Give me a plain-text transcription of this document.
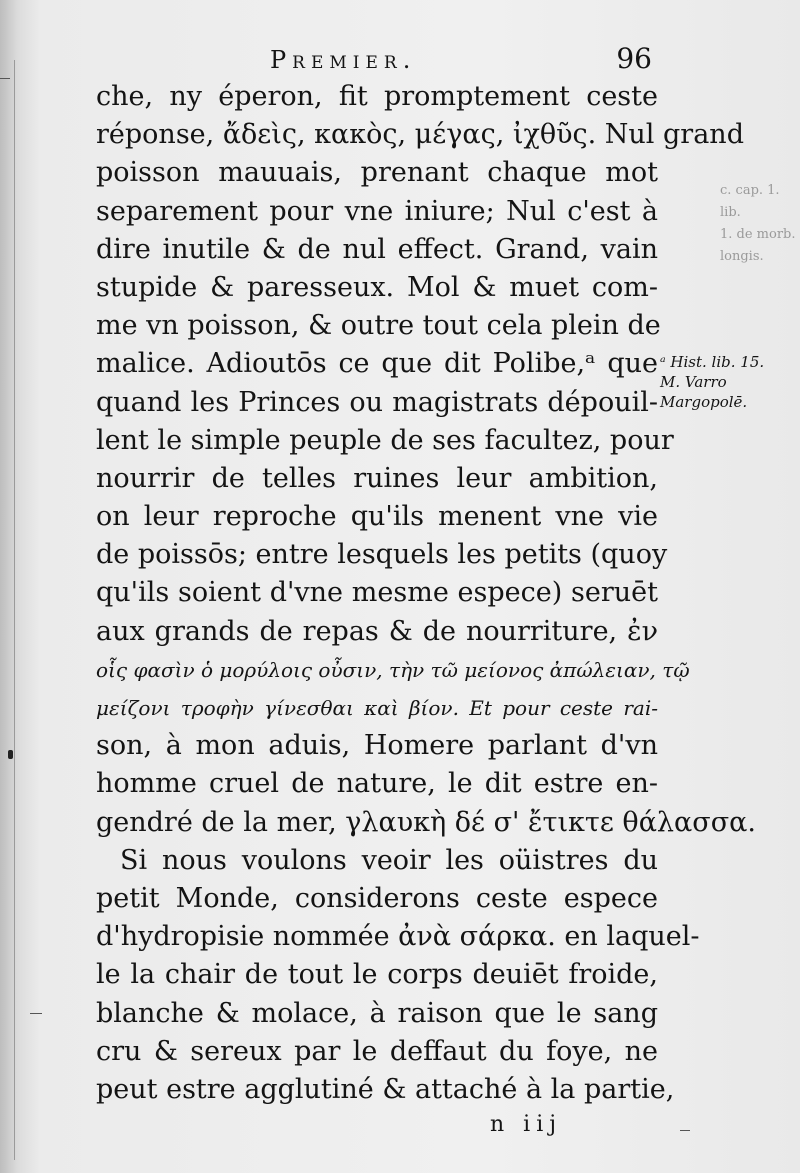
Premier.	96
che, ny éperon, fit promptement ceste
réponse, ἄδεὶς, κακὸς, μέγας, ἰχθῦς. Nul grand
poisson mauuais, prenant chaque mot
separement pour vne iniure; Nul c'est à
dire inutile & de nul effect. Grand, vain
stupide & paresseux. Mol & muet com-
me vn poisson, & outre tout cela plein de
malice. Adioutōs ce que dit Polibe,ᵃ que
quand les Princes ou magistrats dépouil-
lent le simple peuple de ses facultez, pour
nourrir de telles ruines leur ambition,
on leur reproche qu'ils menent vne vie
de poissōs; entre lesquels les petits (quoy
qu'ils soient d'vne mesme espece) seruēt
aux grands de repas & de nourriture, ἐν
οἷς φασὶν ὁ μορύλοις οὖσιν, τὴν τῶ μείονος ἀπώλειαν, τῷ
μείζονι τροφὴν γίνεσθαι καὶ βίον. Et pour ceste rai-
son, à mon aduis, Homere parlant d'vn
homme cruel de nature, le dit estre en-
gendré de la mer, γλαυκὴ δέ σ' ἔτικτε θάλασσα.
Si nous voulons veoir les oüistres du
petit Monde, considerons ceste espece
d'hydropisie nommée ἀνὰ σάρκα. en laquel-
le la chair de tout le corps deuiēt froide,
blanche & molace, à raison que le sang
cru & sereux par le deffaut du foye, ne
peut estre agglutiné & attaché à la partie,
ᵃ Hist. lib. 15.
M. Varro
Margopolē.
c. cap. 1. lib.
1. de morb.
longis.
n iij
